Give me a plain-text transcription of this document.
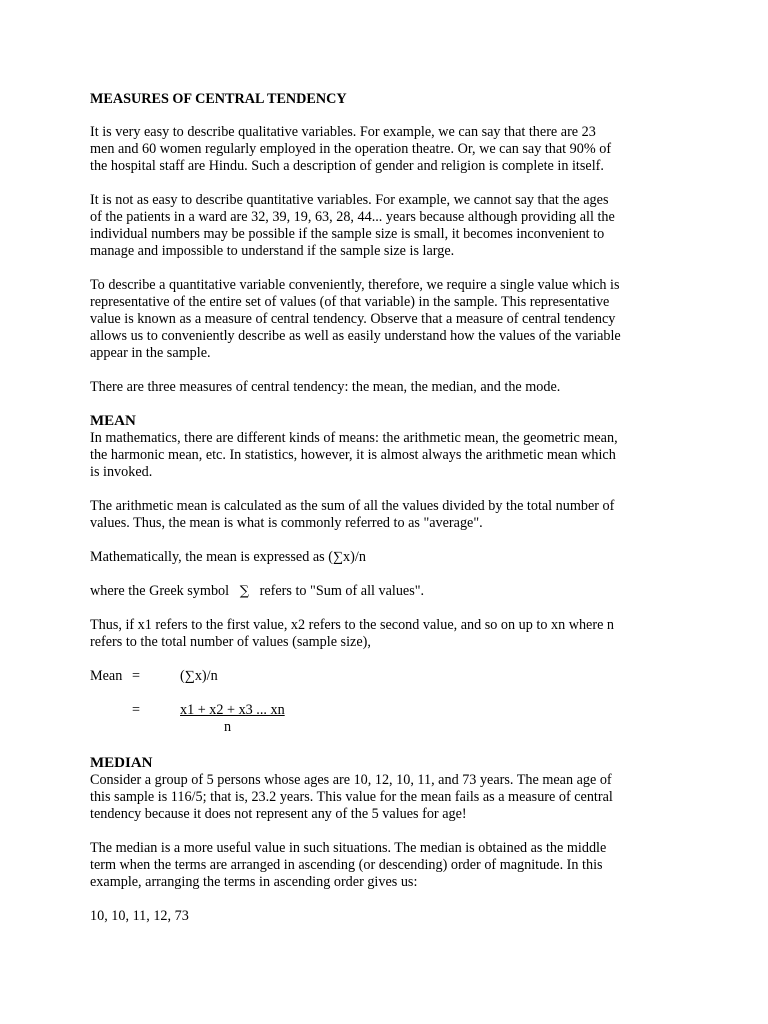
MEASURES OF CENTRAL TENDENCY

It is very easy to describe qualitative variables. For example, we can say that there are 23
men and 60 women regularly employed in the operation theatre. Or, we can say that 90% of
the hospital staff are Hindu. Such a description of gender and religion is complete in itself.

It is not as easy to describe quantitative variables. For example, we cannot say that the ages
of the patients in a ward are 32, 39, 19, 63, 28, 44... years because although providing all the
individual numbers may be possible if the sample size is small, it becomes inconvenient to
manage and impossible to understand if the sample size is large.

To describe a quantitative variable conveniently, therefore, we require a single value which is
representative of the entire set of values (of that variable) in the sample. This representative
value is known as a measure of central tendency. Observe that a measure of central tendency
allows us to conveniently describe as well as easily understand how the values of the variable
appear in the sample.

There are three measures of central tendency: the mean, the median, and the mode.

MEAN

In mathematics, there are different kinds of means: the arithmetic mean, the geometric mean,
the harmonic mean, etc. In statistics, however, it is almost always the arithmetic mean which
is invoked.

The arithmetic mean is calculated as the sum of all the values divided by the total number of
values. Thus, the mean is what is commonly referred to as "average".

Mathematically, the mean is expressed as (∑x)/n

where the Greek symbol ∑ refers to "Sum of all values".

Thus, if x1 refers to the first value, x2 refers to the second value, and so on up to xn where n
refers to the total number of values (sample size),

Mean =	(∑x)/n
=	x1 + x2 + x3 ... xn
n

MEDIAN

Consider a group of 5 persons whose ages are 10, 12, 10, 11, and 73 years. The mean age of
this sample is 116/5; that is, 23.2 years. This value for the mean fails as a measure of central
tendency because it does not represent any of the 5 values for age!

The median is a more useful value in such situations. The median is obtained as the middle
term when the terms are arranged in ascending (or descending) order of magnitude. In this
example, arranging the terms in ascending order gives us:

10, 10, 11, 12, 73
